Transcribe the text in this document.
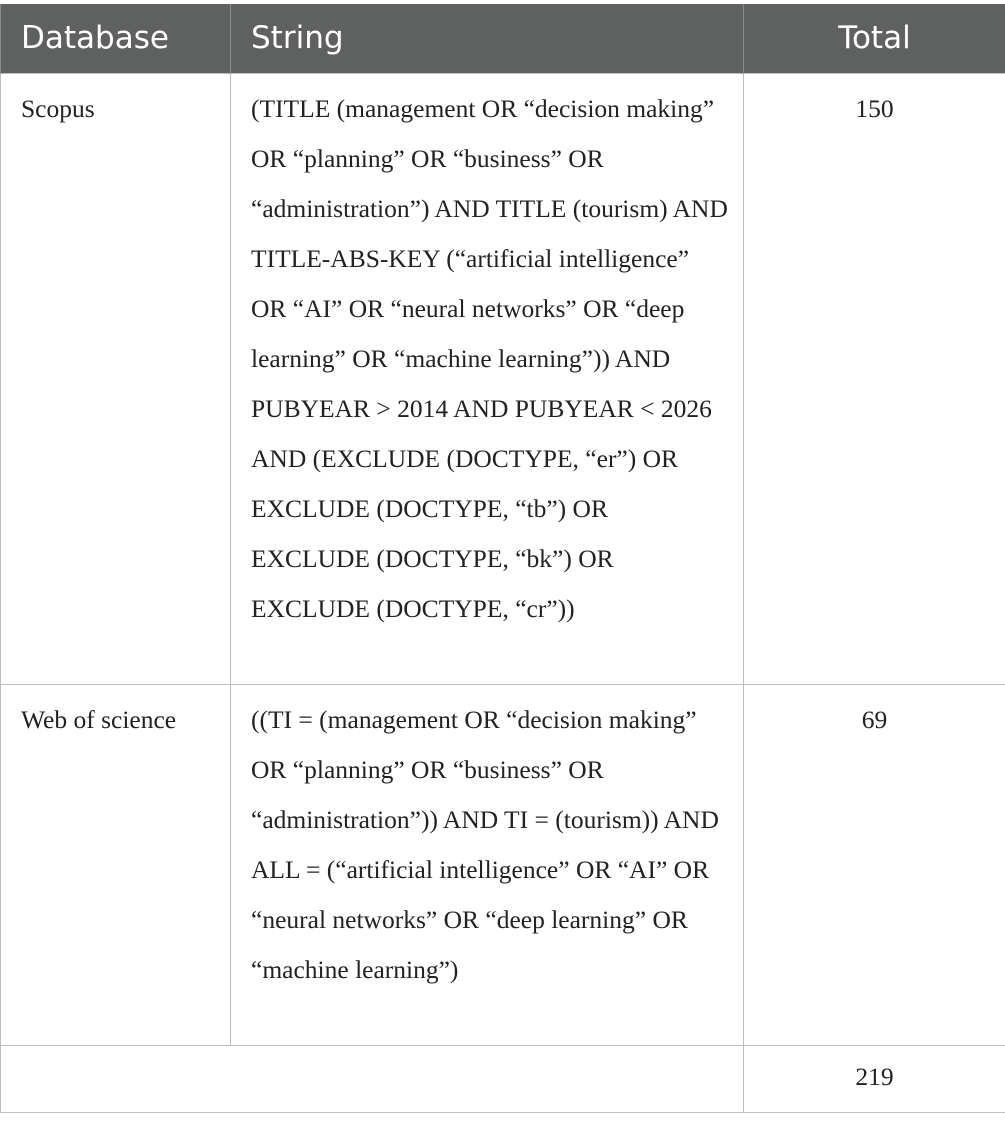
Database	String	Total

Scopus	(TITLE (management OR “decision making” OR “planning” OR “business” OR “administration”) AND TITLE (tourism) AND TITLE-ABS-KEY (“artificial intelligence” OR “AI” OR “neural networks” OR “deep learning” OR “machine learning”)) AND PUBYEAR > 2014 AND PUBYEAR < 2026 AND (EXCLUDE (DOCTYPE, “er”) OR EXCLUDE (DOCTYPE, “tb”) OR EXCLUDE (DOCTYPE, “bk”) OR EXCLUDE (DOCTYPE, “cr”))	150

Web of science	((TI = (management OR “decision making” OR “planning” OR “business” OR “administration”)) AND TI = (tourism)) AND ALL = (“artificial intelligence” OR “AI” OR “neural networks” OR “deep learning” OR “machine learning”)	69

		219
